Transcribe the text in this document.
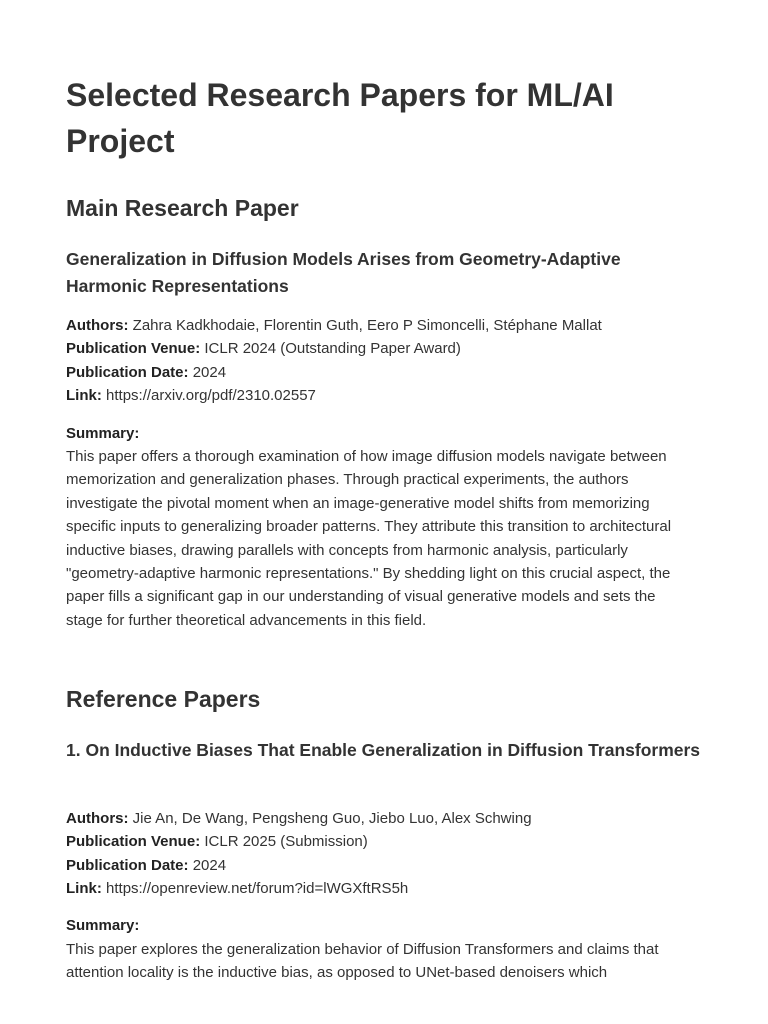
Selected Research Papers for ML/AI Project
Main Research Paper
Generalization in Diffusion Models Arises from Geometry-Adaptive Harmonic Representations
Authors: Zahra Kadkhodaie, Florentin Guth, Eero P Simoncelli, Stéphane Mallat
Publication Venue: ICLR 2024 (Outstanding Paper Award)
Publication Date: 2024
Link: https://arxiv.org/pdf/2310.02557
Summary:

This paper offers a thorough examination of how image diffusion models navigate between memorization and generalization phases. Through practical experiments, the authors investigate the pivotal moment when an image-generative model shifts from memorizing specific inputs to generalizing broader patterns. They attribute this transition to architectural inductive biases, drawing parallels with concepts from harmonic analysis, particularly "geometry-adaptive harmonic representations." By shedding light on this crucial aspect, the paper fills a significant gap in our understanding of visual generative models and sets the stage for further theoretical advancements in this field.

Reference Papers
1. On Inductive Biases That Enable Generalization in Diffusion Transformers
Authors: Jie An, De Wang, Pengsheng Guo, Jiebo Luo, Alex Schwing
Publication Venue: ICLR 2025 (Submission)
Publication Date: 2024
Link: https://openreview.net/forum?id=lWGXftRS5h
Summary:

This paper explores the generalization behavior of Diffusion Transformers and claims that attention locality is the inductive bias, as opposed to UNet-based denoisers which
